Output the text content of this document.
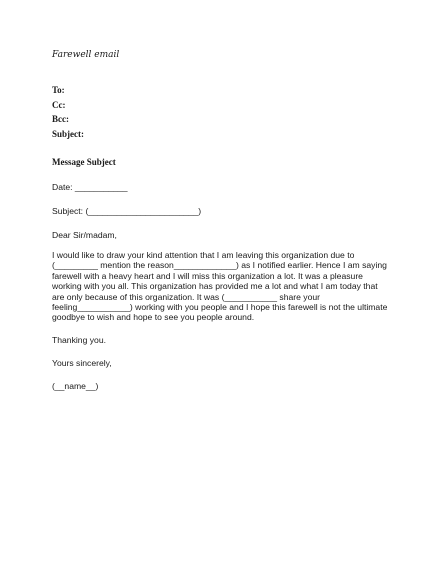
Farewell email
To:
Cc:
Bcc:
Subject:
Message Subject
Date: ___________
Subject: (_______________________)
Dear Sir/madam,
I would like to draw your kind attention that I am leaving this organization due to
(_________ mention the reason_____________) as I notified earlier. Hence I am saying
farewell with a heavy heart and I will miss this organization a lot. It was a pleasure
working with you all. This organization has provided me a lot and what I am today that
are only because of this organization. It was (___________ share your
feeling___________) working with you people and I hope this farewell is not the ultimate
goodbye to wish and hope to see you people around.
Thanking you.
Yours sincerely,
(__name__)
